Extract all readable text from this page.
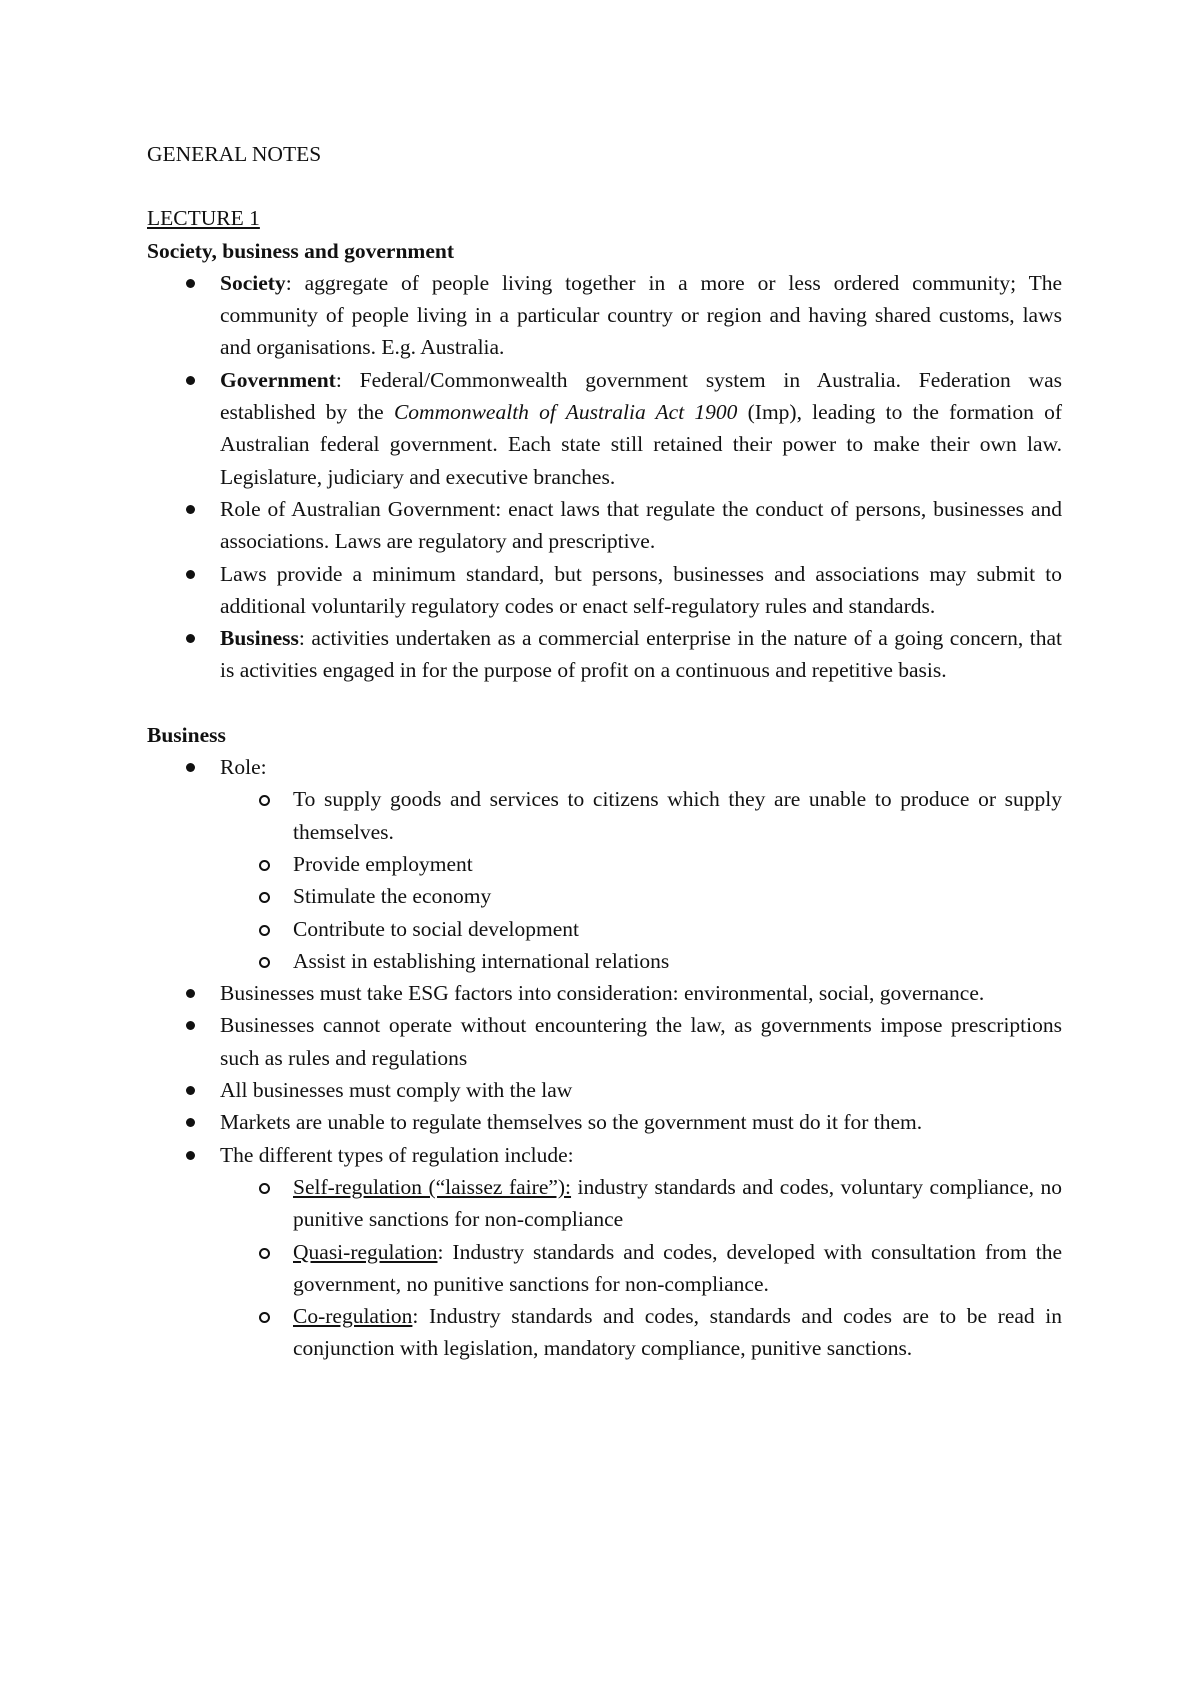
GENERAL NOTES
LECTURE 1
Society, business and government
Society: aggregate of people living together in a more or less ordered community; The community of people living in a particular country or region and having shared customs, laws and organisations. E.g. Australia.
Government: Federal/Commonwealth government system in Australia. Federation was established by the Commonwealth of Australia Act 1900 (Imp), leading to the formation of Australian federal government. Each state still retained their power to make their own law. Legislature, judiciary and executive branches.
Role of Australian Government: enact laws that regulate the conduct of persons, businesses and associations. Laws are regulatory and prescriptive.
Laws provide a minimum standard, but persons, businesses and associations may submit to additional voluntarily regulatory codes or enact self-regulatory rules and standards.
Business: activities undertaken as a commercial enterprise in the nature of a going concern, that is activities engaged in for the purpose of profit on a continuous and repetitive basis.
Business
Role:
To supply goods and services to citizens which they are unable to produce or supply themselves.
Provide employment
Stimulate the economy
Contribute to social development
Assist in establishing international relations
Businesses must take ESG factors into consideration: environmental, social, governance.
Businesses cannot operate without encountering the law, as governments impose prescriptions such as rules and regulations
All businesses must comply with the law
Markets are unable to regulate themselves so the government must do it for them.
The different types of regulation include:
Self-regulation (“laissez faire”): industry standards and codes, voluntary compliance, no punitive sanctions for non-compliance
Quasi-regulation: Industry standards and codes, developed with consultation from the government, no punitive sanctions for non-compliance.
Co-regulation: Industry standards and codes, standards and codes are to be read in conjunction with legislation, mandatory compliance, punitive sanctions.
